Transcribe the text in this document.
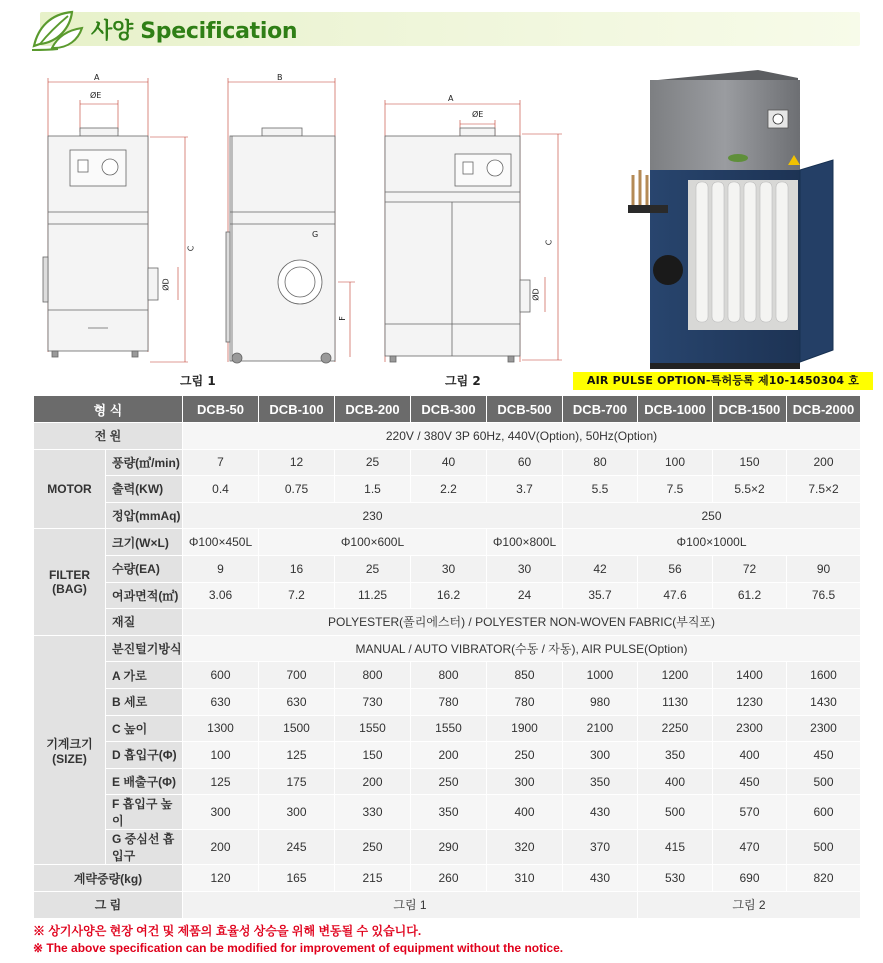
사양 Specification
A
ØE
C
ØD
B
G
F
A
ØE
C
ØD
그림 1	그림 2	AIR PULSE OPTION-특허등록 제10-1450304 호
형 식		DCB-50	DCB-100	DCB-200	DCB-300	DCB-500	DCB-700	DCB-1000	DCB-1500	DCB-2000
전 원		220V / 380V 3P 60Hz, 440V(Option), 50Hz(Option)								
MOTOR	풍량(㎥/min)	7	12	25	40	60	80	100	150	200
	출력(KW)	0.4	0.75	1.5	2.2	3.7	5.5	7.5	5.5×2	7.5×2
	정압(mmAq)	230					250			
FILTER
(BAG)	크기(W×L)	Φ100×450L	Φ100×600L			Φ100×800L	Φ100×1000L			
	수량(EA)	9	16	25	30	30	42	56	72	90
	여과면적(㎡)	3.06	7.2	11.25	16.2	24	35.7	47.6	61.2	76.5
	재질	POLYESTER(폴리에스터) / POLYESTER NON-WOVEN FABRIC(부직포)								
기계크기
(SIZE)	분진털기방식	MANUAL / AUTO VIBRATOR(수동 / 자동), AIR PULSE(Option)								
	A 가로	600	700	800	800	850	1000	1200	1400	1600
	B 세로	630	630	730	780	780	980	1130	1230	1430
	C 높이	1300	1500	1550	1550	1900	2100	2250	2300	2300
	D 흡입구(Φ)	100	125	150	200	250	300	350	400	450
	E 배출구(Φ)	125	175	200	250	300	350	400	450	500
	F 흡입구 높이	300	300	330	350	400	430	500	570	600
	G 중심선 흡입구	200	245	250	290	320	370	415	470	500
계략중량(kg)		120	165	215	260	310	430	530	690	820
그 림		그림 1						그림 2		
※ 상기사양은 현장 여건 및 제품의 효율성 상승을 위해 변동될 수 있습니다.
※ The above specification can be modified for improvement of equipment without the notice.
